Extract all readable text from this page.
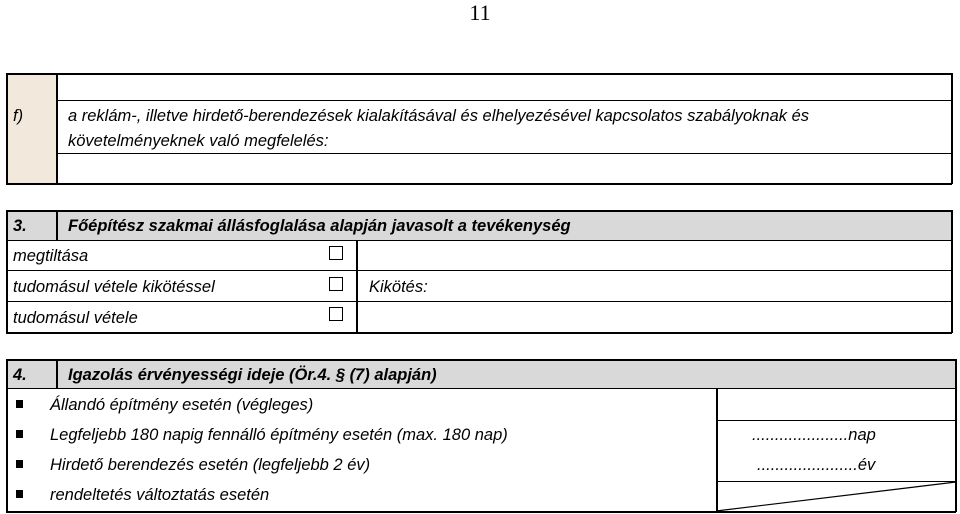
11
f)	a reklám-, illetve hirdető-berendezések kialakításával és elhelyezésével kapcsolatos szabályoknak és
követelményeknek való megfelelés:
3. Főépítész szakmai állásfoglalása alapján javasolt a tevékenység
megtiltása
tudomásul vétele kikötéssel	Kikötés:
tudomásul vétele
4. Igazolás érvényességi ideje (Ör.4. § (7) alapján)
Állandó építmény esetén (végleges)
Legfeljebb 180 napig fennálló építmény esetén (max. 180 nap)	.....................nap
Hirdető berendezés esetén (legfeljebb 2 év)	......................év
rendeltetés változtatás esetén
